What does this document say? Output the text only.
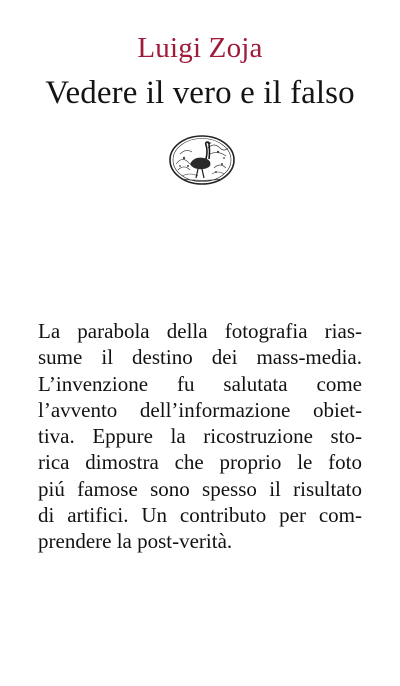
Luigi Zoja
Vedere il vero e il falso
La parabola della fotografia rias-
sume il destino dei mass-media.
L’invenzione fu salutata come
l’avvento dell’informazione obiet-
tiva. Eppure la ricostruzione sto-
rica dimostra che proprio le foto
piú famose sono spesso il risultato
di artifici. Un contributo per com-
prendere la post-verità.
